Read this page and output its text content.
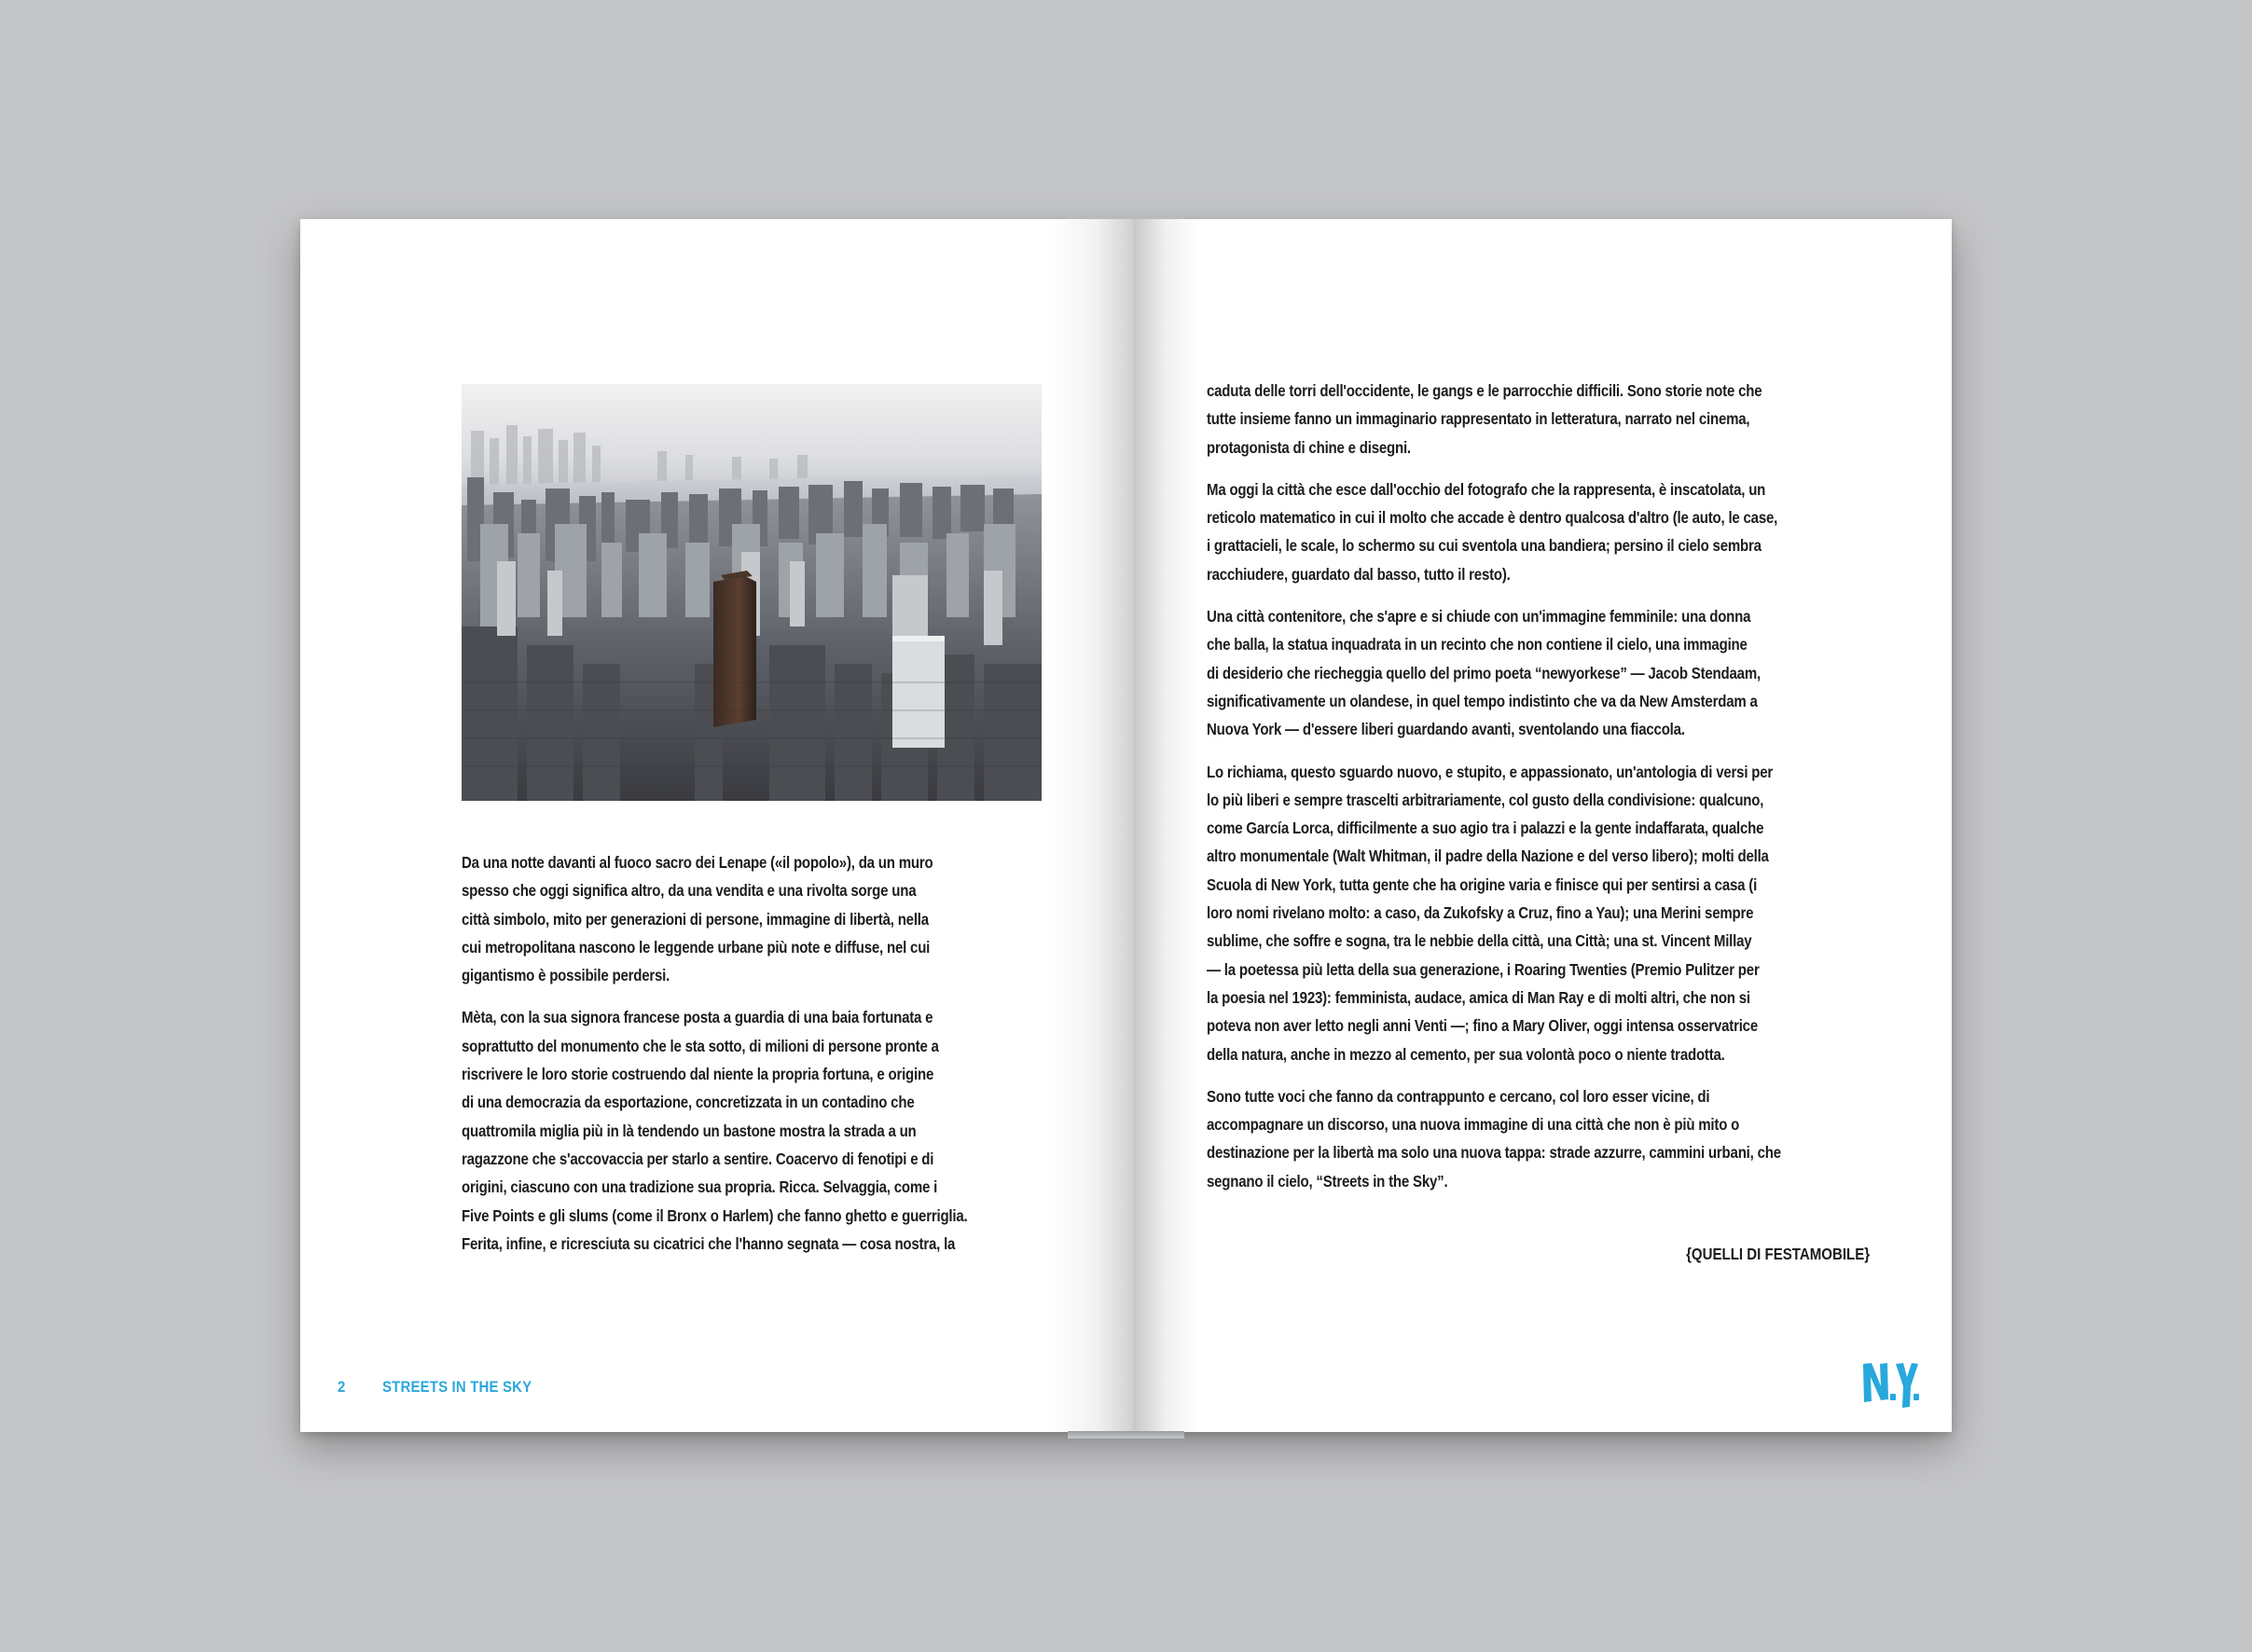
Da una notte davanti al fuoco sacro dei Lenape («il popolo»), da un muro
spesso che oggi significa altro, da una vendita e una rivolta sorge una
città simbolo, mito per generazioni di persone, immagine di libertà, nella
cui metropolitana nascono le leggende urbane più note e diffuse, nel cui
gigantismo è possibile perdersi.

Mèta, con la sua signora francese posta a guardia di una baia fortunata e
soprattutto del monumento che le sta sotto, di milioni di persone pronte a
riscrivere le loro storie costruendo dal niente la propria fortuna, e origine
di una democrazia da esportazione, concretizzata in un contadino che
quattromila miglia più in là tendendo un bastone mostra la strada a un
ragazzone che s'accovaccia per starlo a sentire. Coacervo di fenotipi e di
origini, ciascuno con una tradizione sua propria. Ricca. Selvaggia, come i
Five Points e gli slums (come il Bronx o Harlem) che fanno ghetto e guerriglia.
Ferita, infine, e ricresciuta su cicatrici che l'hanno segnata — cosa nostra, la

2 STREETS IN THE SKY

caduta delle torri dell'occidente, le gangs e le parrocchie difficili. Sono storie note che
tutte insieme fanno un immaginario rappresentato in letteratura, narrato nel cinema,
protagonista di chine e disegni.

Ma oggi la città che esce dall'occhio del fotografo che la rappresenta, è inscatolata, un
reticolo matematico in cui il molto che accade è dentro qualcosa d'altro (le auto, le case,
i grattacieli, le scale, lo schermo su cui sventola una bandiera; persino il cielo sembra
racchiudere, guardato dal basso, tutto il resto).

Una città contenitore, che s'apre e si chiude con un'immagine femminile: una donna
che balla, la statua inquadrata in un recinto che non contiene il cielo, una immagine
di desiderio che riecheggia quello del primo poeta “newyorkese” — Jacob Stendaam,
significativamente un olandese, in quel tempo indistinto che va da New Amsterdam a
Nuova York — d'essere liberi guardando avanti, sventolando una fiaccola.

Lo richiama, questo sguardo nuovo, e stupito, e appassionato, un'antologia di versi per
lo più liberi e sempre trascelti arbitrariamente, col gusto della condivisione: qualcuno,
come García Lorca, difficilmente a suo agio tra i palazzi e la gente indaffarata, qualche
altro monumentale (Walt Whitman, il padre della Nazione e del verso libero); molti della
Scuola di New York, tutta gente che ha origine varia e finisce qui per sentirsi a casa (i
loro nomi rivelano molto: a caso, da Zukofsky a Cruz, fino a Yau); una Merini sempre
sublime, che soffre e sogna, tra le nebbie della città, una Città; una st. Vincent Millay
— la poetessa più letta della sua generazione, i Roaring Twenties (Premio Pulitzer per
la poesia nel 1923): femminista, audace, amica di Man Ray e di molti altri, che non si
poteva non aver letto negli anni Venti —; fino a Mary Oliver, oggi intensa osservatrice
della natura, anche in mezzo al cemento, per sua volontà poco o niente tradotta.

Sono tutte voci che fanno da contrappunto e cercano, col loro esser vicine, di
accompagnare un discorso, una nuova immagine di una città che non è più mito o
destinazione per la libertà ma solo una nuova tappa: strade azzurre, cammini urbani, che
segnano il cielo, “Streets in the Sky”.

{QUELLI DI FESTAMOBILE}
